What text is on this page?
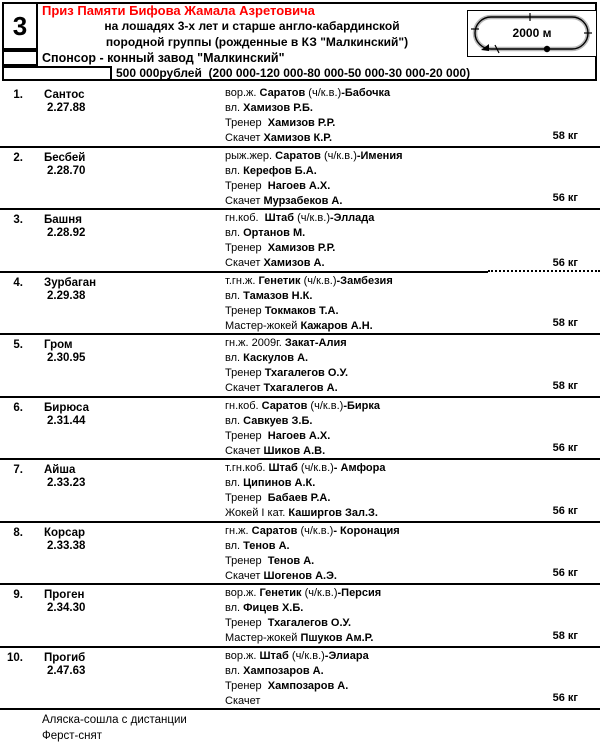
3	Приз Памяти Бифова Жамала Азретовича
на лошадях 3-х лет и старше англо-кабардинской
породной группы (рожденные в КЗ "Малкинский")
Спонсор - конный завод "Малкинский"
500 000рублей  (200 000-120 000-80 000-50 000-30 000-20 000)
2000 м
1. Сантос
2.27.88
вор.ж. Саратов (ч/к.в.)-Бабочка
вл. Хамизов Р.Б.
Тренер  Хамизов Р.Р.
Скачет Хамизов К.Р.	58 кг
2. Бесбей
2.28.70
рыж.жер. Саратов (ч/к.в.)-Имения
вл. Керефов Б.А.
Тренер  Нагоев А.Х.
Скачет Мурзабеков А.	56 кг
3. Башня
2.28.92
гн.коб.  Штаб (ч/к.в.)-Эллада
вл. Ортанов М.
Тренер  Хамизов Р.Р.
Скачет Хамизов А.	56 кг
4. Зурбаган
2.29.38
т.гн.ж. Генетик (ч/к.в.)-Замбезия
вл. Тамазов Н.К.
Тренер Токмаков Т.А.
Мастер-жокей Кажаров А.Н.	58 кг
5. Гром
2.30.95
гн.ж. 2009г. Закат-Алия
вл. Каскулов А.
Тренер Тхагалегов О.У.
Скачет Тхагалегов А.	58 кг
6. Бирюса
2.31.44
гн.коб. Саратов (ч/к.в.)-Бирка
вл. Савкуев З.Б.
Тренер  Нагоев А.Х.
Скачет Шиков А.В.	56 кг
7. Айша
2.33.23
т.гн.коб. Штаб (ч/к.в.)- Амфора
вл. Ципинов А.К.
Тренер  Бабаев Р.А.
Жокей I кат. Каширгов Зал.З.	56 кг
8. Корсар
2.33.38
гн.ж. Саратов (ч/к.в.)- Коронация
вл. Тенов А.
Тренер  Тенов А.
Скачет Шогенов А.Э.	56 кг
9. Проген
2.34.30
вор.ж. Генетик (ч/к.в.)-Персия
вл. Фицев Х.Б.
Тренер  Тхагалегов О.У.
Мастер-жокей Пшуков Ам.Р.	58 кг
10. Прогиб
2.47.63
вор.ж. Штаб (ч/к.в.)-Элиара
вл. Хампозаров А.
Тренер  Хампозаров А.
Скачет	56 кг
Аляска-сошла с дистанции
Ферст-снят
